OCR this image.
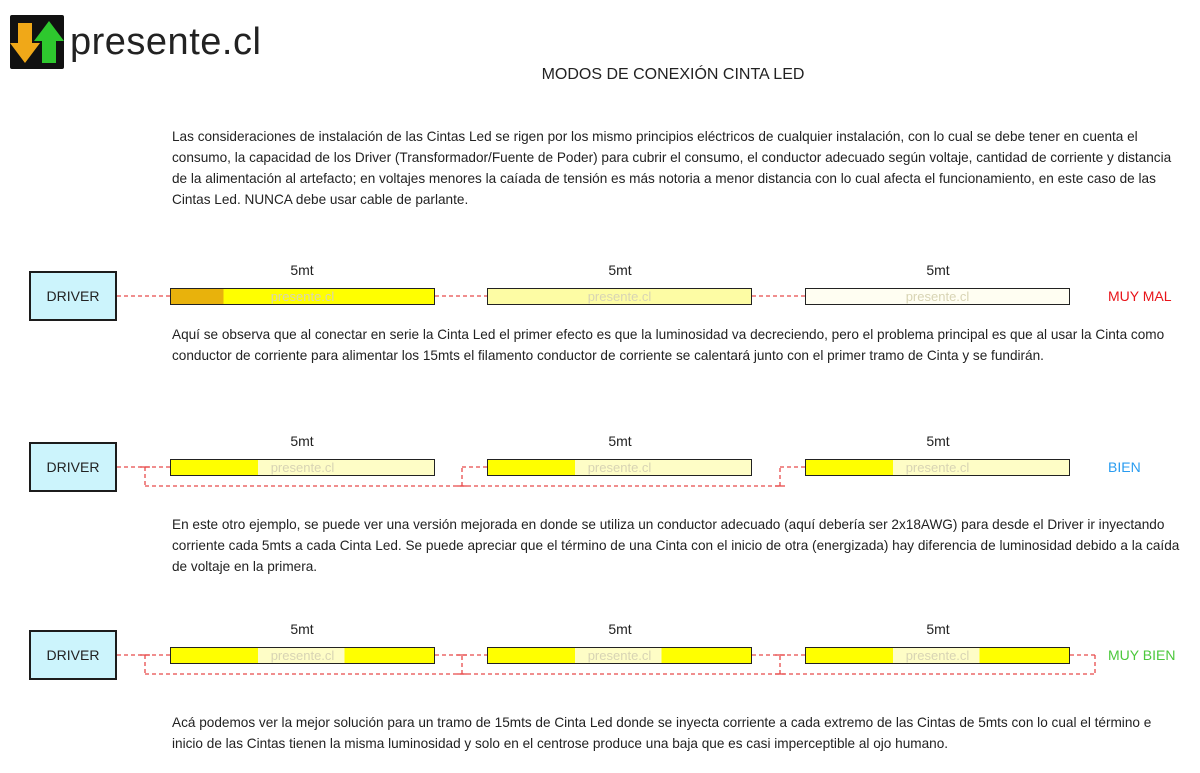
presente.cl
MODOS DE CONEXIÓN CINTA LED
Las consideraciones de instalación de las Cintas Led se rigen por los mismo principios eléctricos de cualquier instalación, con lo cual se debe tener en cuenta el consumo, la capacidad de los Driver (Transformador/Fuente de Poder) para cubrir el consumo, el conductor adecuado según voltaje, cantidad de corriente y distancia de la alimentación al artefacto; en voltajes menores la caíada de tensión es más notoria a menor distancia con lo cual afecta el funcionamiento, en este caso de las Cintas Led. NUNCA debe usar cable de parlante.
DRIVER
5mt	5mt	5mt
presente.cl	presente.cl	presente.cl	MUY MAL
Aquí se observa que al conectar en serie la Cinta Led el primer efecto es que la luminosidad va decreciendo, pero el problema principal es que al usar la Cinta como conductor de corriente para alimentar los 15mts el filamento conductor de corriente se calentará junto con el primer tramo de Cinta y se fundirán.
DRIVER
5mt	5mt	5mt
presente.cl	presente.cl	presente.cl	BIEN
En este otro ejemplo, se puede ver una versión mejorada en donde se utiliza un conductor adecuado (aquí debería ser 2x18AWG) para desde el Driver ir inyectando corriente cada 5mts a cada Cinta Led. Se puede apreciar que el término de una Cinta con el inicio de otra (energizada) hay diferencia de luminosidad debido a la caída de voltaje en la primera.
DRIVER
5mt	5mt	5mt
presente.cl	presente.cl	presente.cl	MUY BIEN
Acá podemos ver la mejor solución para un tramo de 15mts de Cinta Led donde se inyecta corriente a cada extremo de las Cintas de 5mts con lo cual el término e inicio de las Cintas tienen la misma luminosidad y solo en el centrose produce una baja que es casi imperceptible al ojo humano.
